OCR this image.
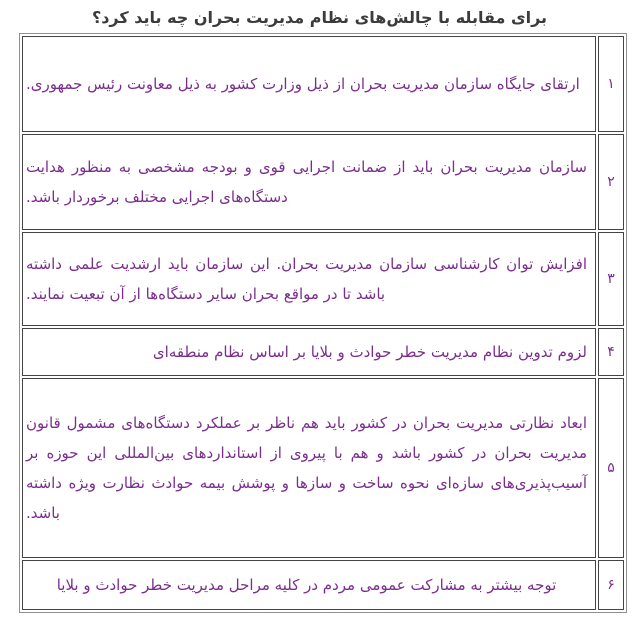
برای مقابله با چالش‌های نظام مدیریت بحران چه باید کرد؟
۱	ارتقای جایگاه سازمان مدیریت بحران از ذیل وزارت کشور به ذیل معاونت رئیس جمهوری.
۲	سازمان مدیریت بحران باید از ضمانت اجرایی قوی و بودجه مشخصی به منظور هدایت دستگاه‌های اجرایی مختلف برخوردار باشد.
۳	افزایش توان کارشناسی سازمان مدیریت بحران. این سازمان باید ارشدیت علمی داشته باشد تا در مواقع بحران سایر دستگاه‌ها از آن تبعیت نمایند.
۴	لزوم تدوین نظام مدیریت خطر حوادث و بلایا بر اساس نظام منطقه‌ای
۵	ابعاد نظارتی مدیریت بحران در کشور باید هم ناظر بر عملکرد دستگاه‌های مشمول قانون مدیریت بحران در کشور باشد و هم با پیروی از استانداردهای بین‌المللی این حوزه بر آسیب‌پذیری‌های سازه‌ای نحوه ساخت و سازها و پوشش بیمه حوادث نظارت ویژه داشته باشد.
۶	توجه بیشتر به مشارکت عمومی مردم در کلیه مراحل مدیریت خطر حوادث و بلایا
